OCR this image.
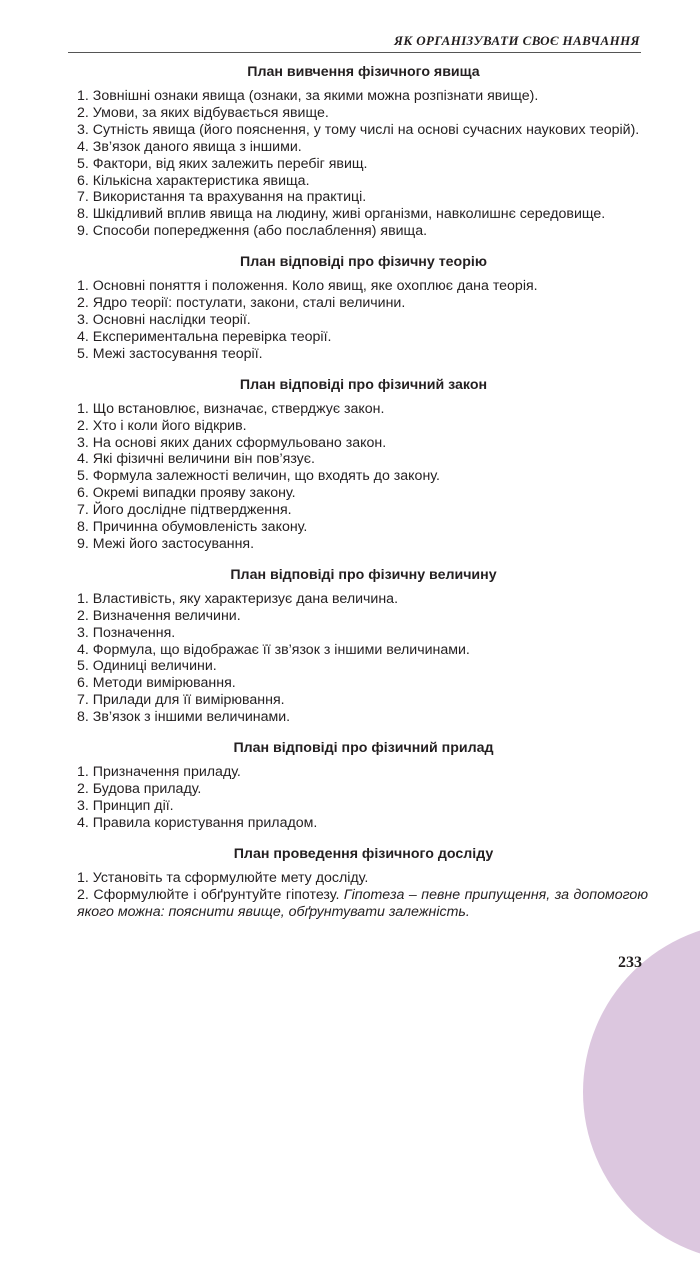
ЯК ОРГАНІЗУВАТИ СВОЄ НАВЧАННЯ
233
План вивчення фізичного явища
1. Зовнішні ознаки явища (ознаки, за якими можна розпізнати явище).
2. Умови, за яких відбувається явище.
3. Сутність явища (його пояснення, у тому числі на основі сучасних наукових теорій).
4. Зв’язок даного явища з іншими.
5. Фактори, від яких залежить перебіг явищ.
6. Кількісна характеристика явища.
7. Використання та врахування на практиці.
8. Шкідливий вплив явища на людину, живі організми, навколишнє середовище.
9. Способи попередження (або послаблення) явища.
План відповіді про фізичну теорію
1. Основні поняття і положення. Коло явищ, яке охоплює дана теорія.
2. Ядро теорії: постулати, закони, сталі величини.
3. Основні наслідки теорії.
4. Експериментальна перевірка теорії.
5. Межі застосування теорії.
План відповіді про фізичний закон
1. Що встановлює, визначає, стверджує закон.
2. Хто і коли його відкрив.
3. На основі яких даних сформульовано закон.
4. Які фізичні величини він пов’язує.
5. Формула залежності величин, що входять до закону.
6. Окремі випадки прояву закону.
7. Його дослідне підтвердження.
8. Причинна обумовленість закону.
9. Межі його застосування.
План відповіді про фізичну величину
1. Властивість, яку характеризує дана величина.
2. Визначення величини.
3. Позначення.
4. Формула, що відображає її зв’язок з іншими величинами.
5. Одиниці величини.
6. Методи вимірювання.
7. Прилади для її вимірювання.
8. Зв’язок з іншими величинами.
План відповіді про фізичний прилад
1. Призначення приладу.
2. Будова приладу.
3. Принцип дії.
4. Правила користування приладом.
План проведення фізичного досліду
1. Установіть та сформулюйте мету досліду.
2. Сформулюйте і обґрунтуйте гіпотезу. Гіпотеза – певне припущення, за допомогою якого можна: пояснити явище, обґрунтувати залежність.
